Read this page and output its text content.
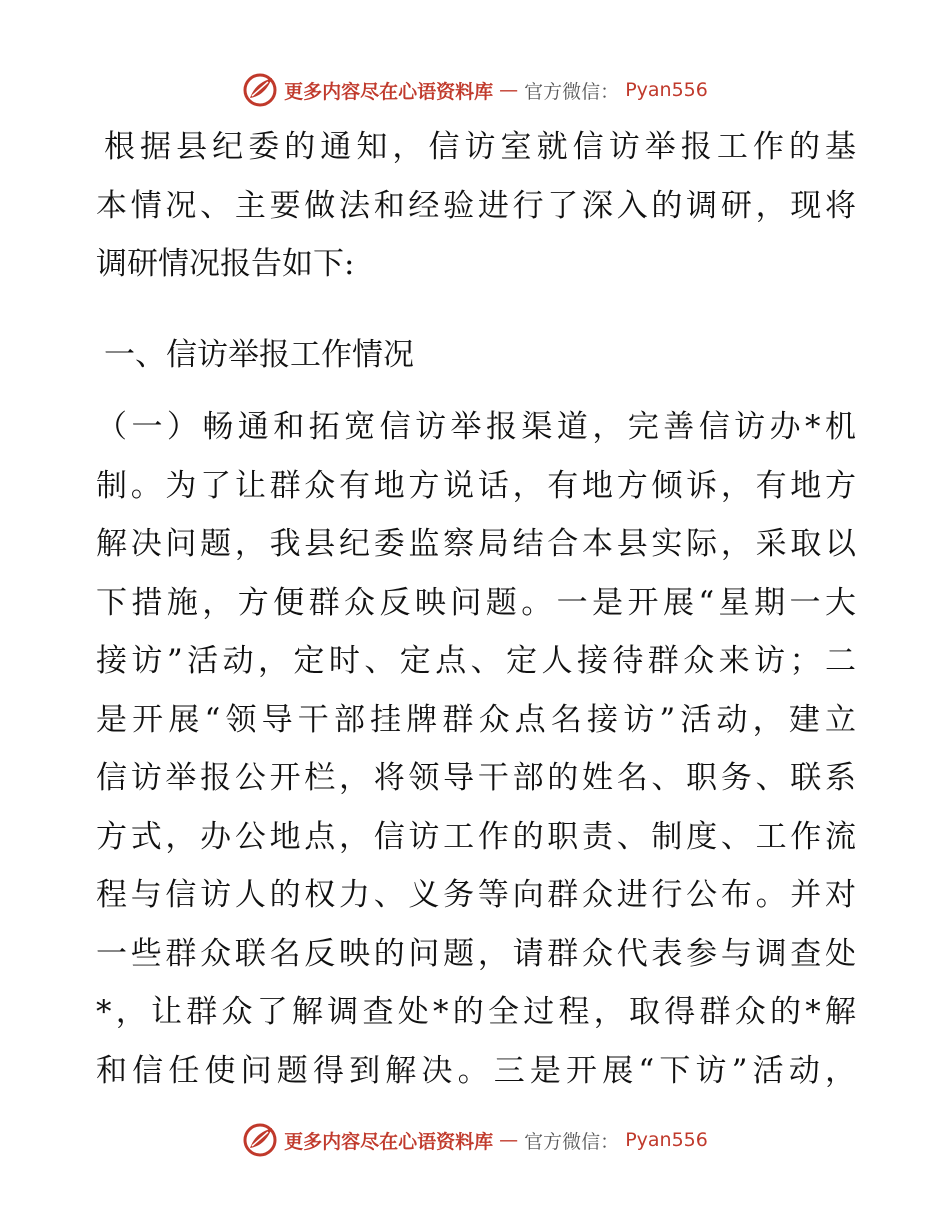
更多内容尽在心语资料库 — 官方微信： Pyan556
根据县纪委的通知，信访室就信访举报工作的基
本情况、主要做法和经验进行了深入的调研，现将
调研情况报告如下:
一、信访举报工作情况
（一）畅通和拓宽信访举报渠道，完善信访办*机
制。为了让群众有地方说话，有地方倾诉，有地方
解决问题，我县纪委监察局结合本县实际，采取以
下措施，方便群众反映问题。一是开展“星期一大
接访”活动，定时、定点、定人接待群众来访；二
是开展“领导干部挂牌群众点名接访”活动，建立
信访举报公开栏，将领导干部的姓名、职务、联系
方式，办公地点，信访工作的职责、制度、工作流
程与信访人的权力、义务等向群众进行公布。并对
一些群众联名反映的问题，请群众代表参与调查处
*，让群众了解调查处*的全过程，取得群众的*解
和信任使问题得到解决。三是开展“下访”活动，
更多内容尽在心语资料库 — 官方微信： Pyan556
